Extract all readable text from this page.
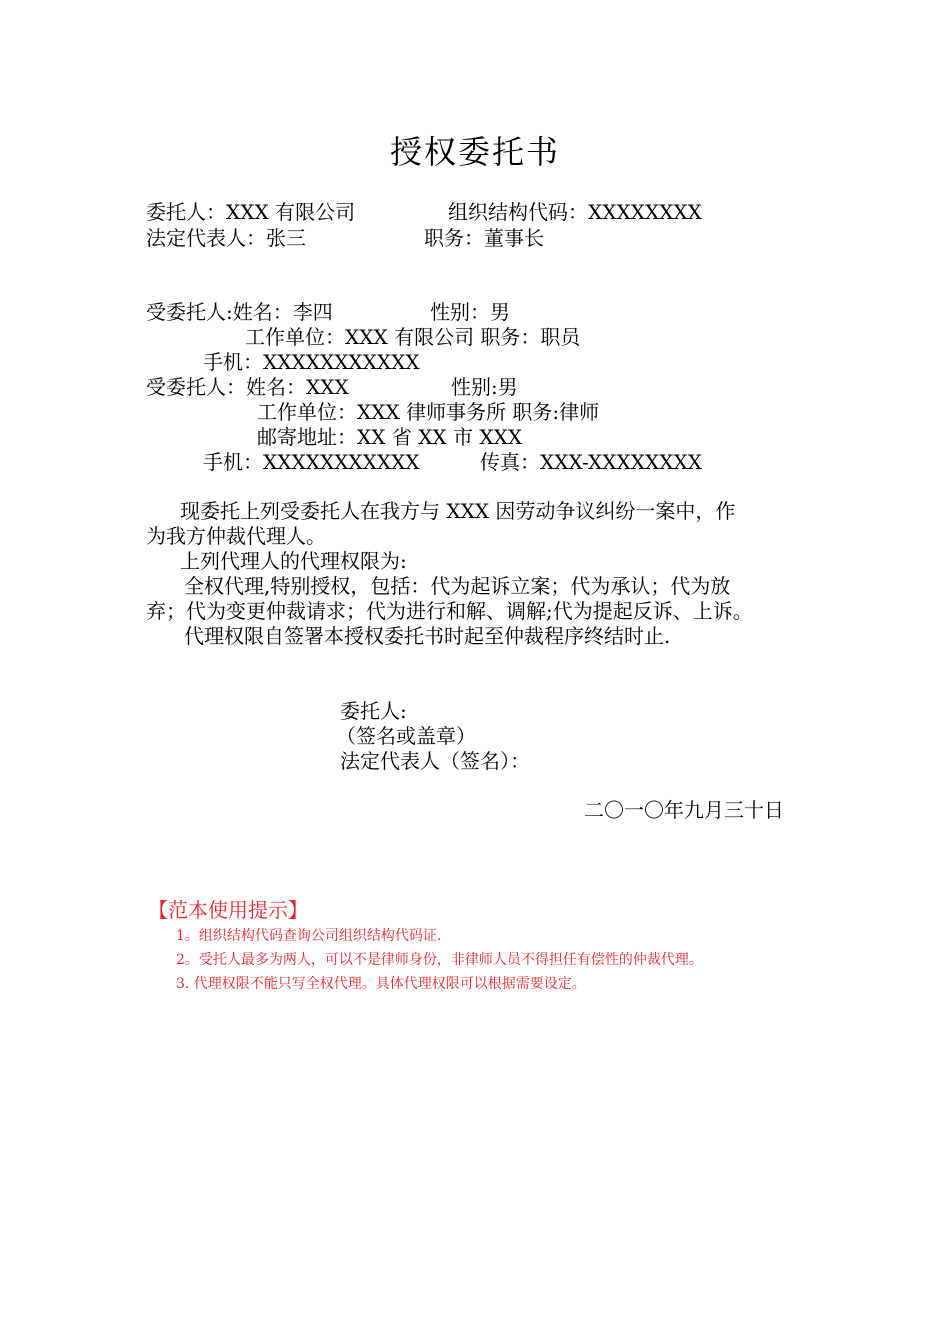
授权委托书
委托人：XXX 有限公司	组织结构代码：XXXXXXXX
法定代表人：张三	职务：董事长
受委托人:姓名：李四	性别：男
工作单位：XXX 有限公司 职务：职员
手机：XXXXXXXXXXX
受委托人：姓名：XXX	性别:男
工作单位：XXX 律师事务所 职务:律师
邮寄地址：XX 省 XX 市 XXX
手机：XXXXXXXXXXX	传真：XXX-XXXXXXXX
现委托上列受委托人在我方与 XXX 因劳动争议纠纷一案中，作
为我方仲裁代理人。
上列代理人的代理权限为:
全权代理,特别授权，包括：代为起诉立案；代为承认；代为放
弃；代为变更仲裁请求；代为进行和解、调解;代为提起反诉、上诉。
代理权限自签署本授权委托书时起至仲裁程序终结时止.
委托人:
（签名或盖章）
法定代表人（签名）：
二〇一〇年九月三十日
【范本使用提示】
1。组织结构代码查询公司组织结构代码证.
2。受托人最多为两人，可以不是律师身份，非律师人员不得担任有偿性的仲裁代理。
3. 代理权限不能只写全权代理。具体代理权限可以根据需要设定。
